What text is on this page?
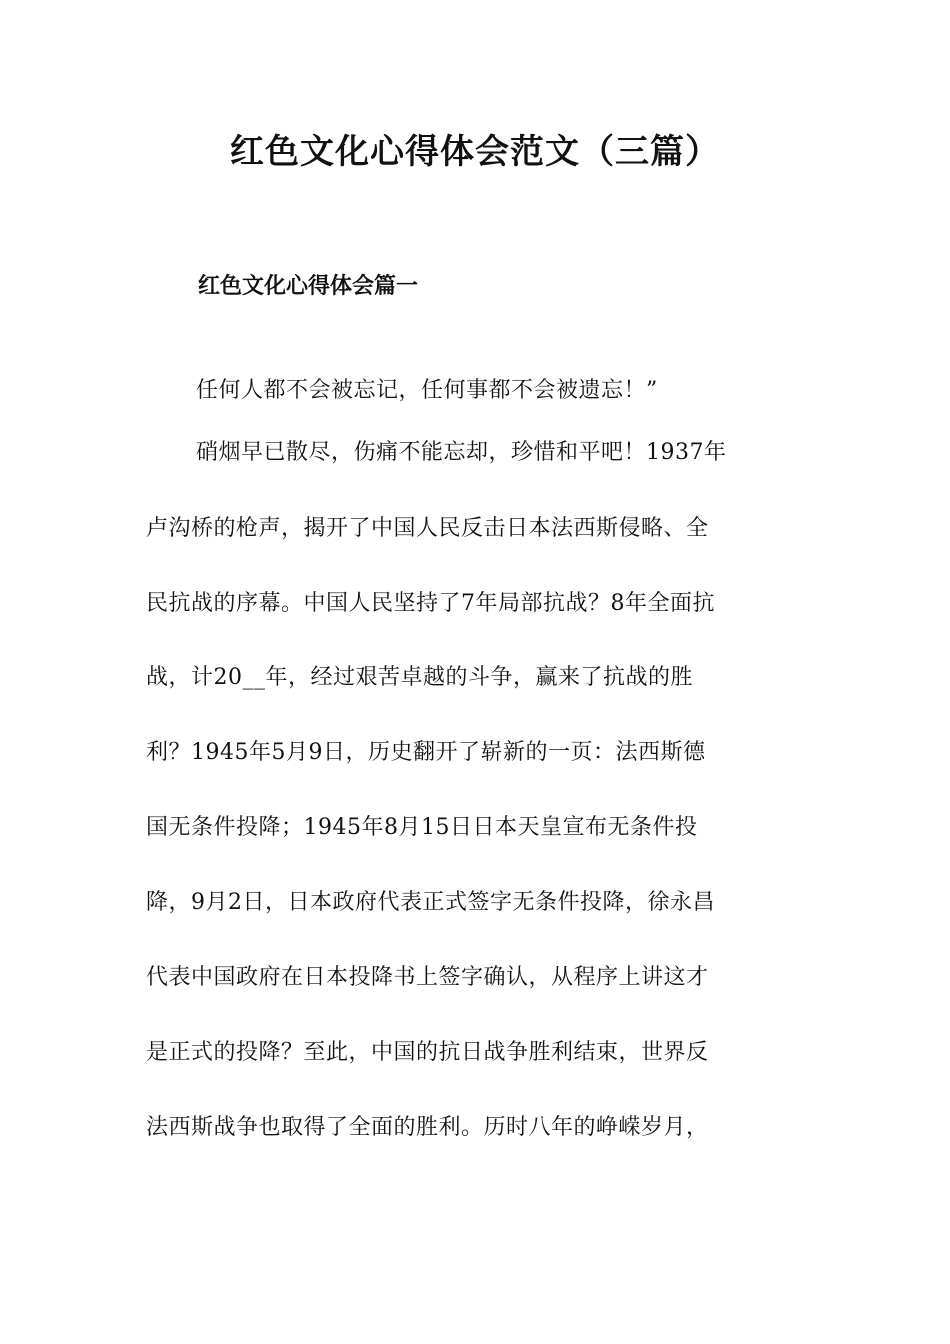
红色文化心得体会范文（三篇）
红色文化心得体会篇一
任何人都不会被忘记，任何事都不会被遗忘！”
硝烟早已散尽，伤痛不能忘却，珍惜和平吧！1937年
卢沟桥的枪声，揭开了中国人民反击日本法西斯侵略、全
民抗战的序幕。中国人民坚持了7年局部抗战？8年全面抗
战，计20__年，经过艰苦卓越的斗争，赢来了抗战的胜
利？1945年5月9日，历史翻开了崭新的一页：法西斯德
国无条件投降；1945年8月15日日本天皇宣布无条件投
降，9月2日，日本政府代表正式签字无条件投降，徐永昌
代表中国政府在日本投降书上签字确认，从程序上讲这才
是正式的投降？至此，中国的抗日战争胜利结束，世界反
法西斯战争也取得了全面的胜利。历时八年的峥嵘岁月，
